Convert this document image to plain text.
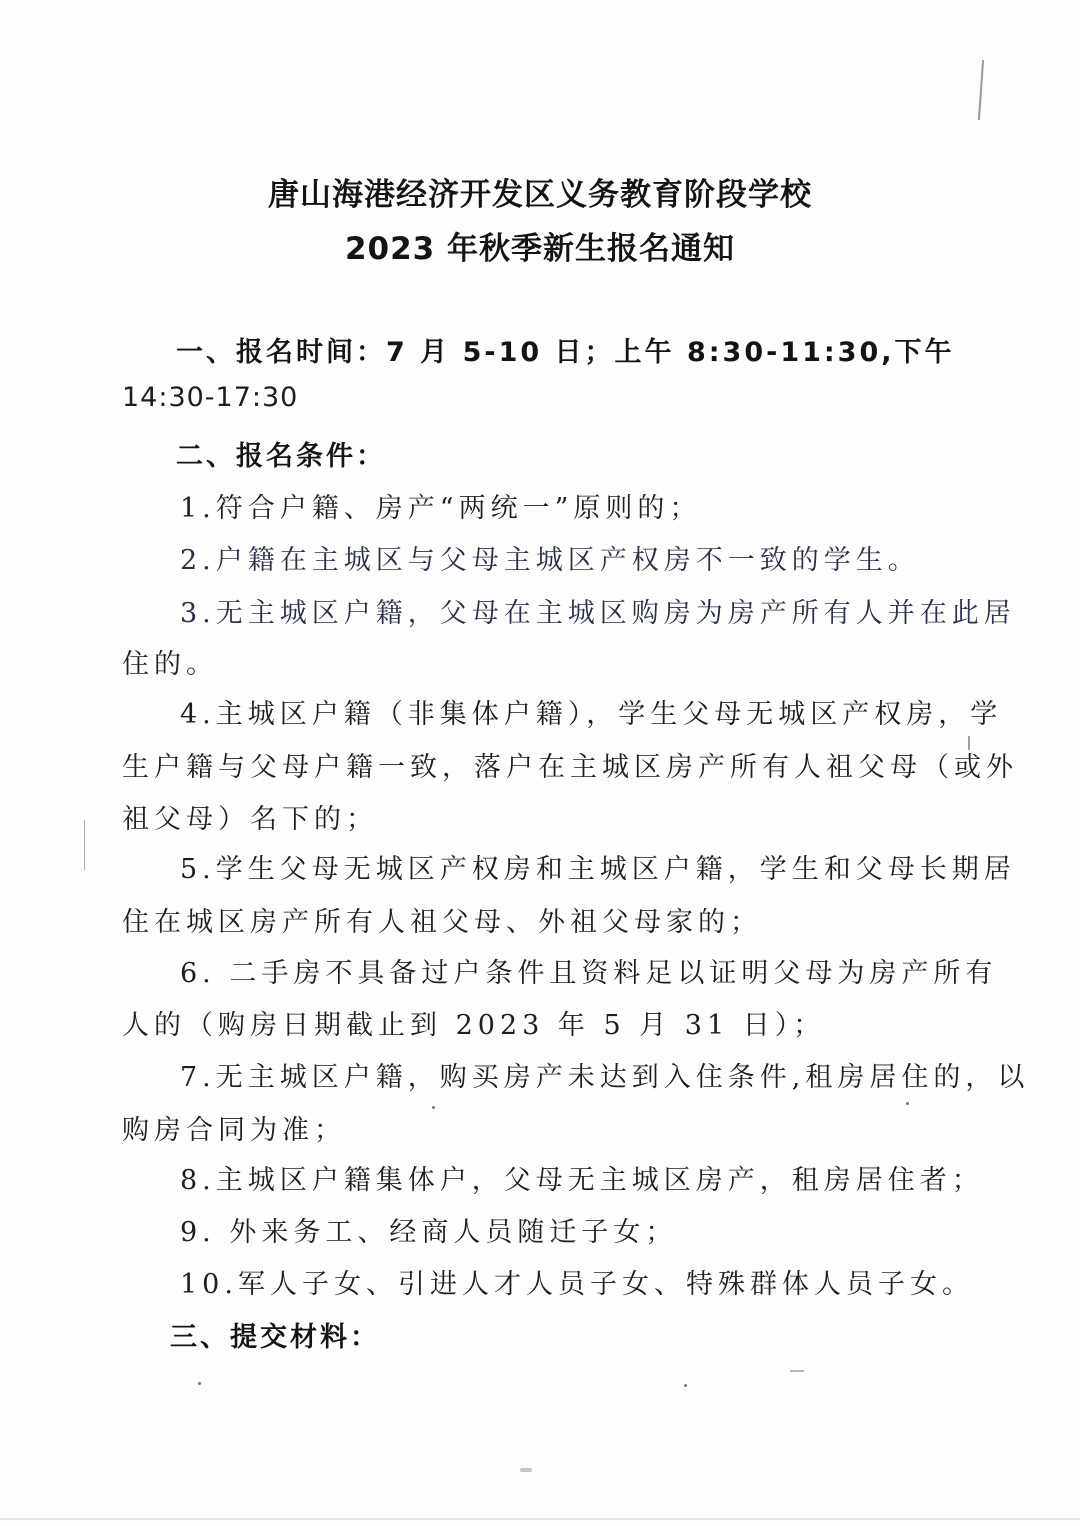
唐山海港经济开发区义务教育阶段学校
2023 年秋季新生报名通知
一、报名时间：7 月 5-10 日；上午 8:30-11:30,下午
14:30-17:30
二、报名条件：
1.符合户籍、房产“两统一”原则的；
2.户籍在主城区与父母主城区产权房不一致的学生。
3.无主城区户籍，父母在主城区购房为房产所有人并在此居
住的。
4.主城区户籍（非集体户籍），学生父母无城区产权房，学
生户籍与父母户籍一致，落户在主城区房产所有人祖父母（或外
祖父母）名下的；
5.学生父母无城区产权房和主城区户籍，学生和父母长期居
住在城区房产所有人祖父母、外祖父母家的；
6. 二手房不具备过户条件且资料足以证明父母为房产所有
人的（购房日期截止到 2023 年 5 月 31 日）；
7.无主城区户籍，购买房产未达到入住条件,租房居住的，以
购房合同为准；
8.主城区户籍集体户，父母无主城区房产，租房居住者；
9. 外来务工、经商人员随迁子女；
10.军人子女、引进人才人员子女、特殊群体人员子女。
三、提交材料：
